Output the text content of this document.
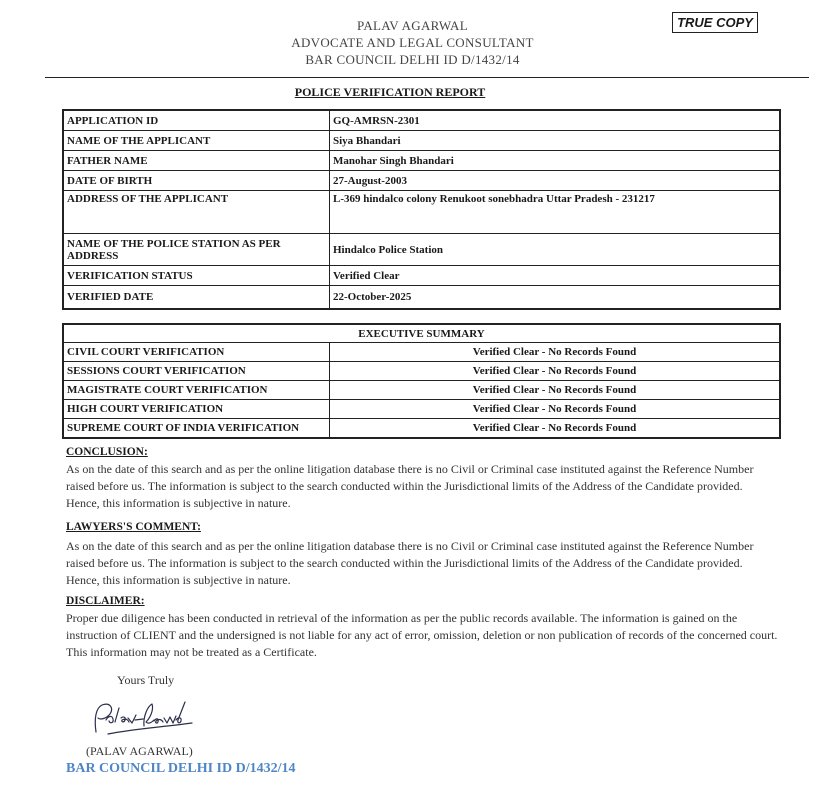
TRUE COPY
PALAV AGARWAL
ADVOCATE AND LEGAL CONSULTANT
BAR COUNCIL DELHI ID D/1432/14
POLICE VERIFICATION REPORT
APPLICATION ID	GQ-AMRSN-2301
NAME OF THE APPLICANT	Siya Bhandari
FATHER NAME	Manohar Singh Bhandari
DATE OF BIRTH	27-August-2003
ADDRESS OF THE APPLICANT	L-369 hindalco colony Renukoot sonebhadra Uttar Pradesh - 231217
NAME OF THE POLICE STATION AS PER ADDRESS	Hindalco Police Station
VERIFICATION STATUS	Verified Clear
VERIFIED DATE	22-October-2025
EXECUTIVE SUMMARY	
CIVIL COURT VERIFICATION	Verified Clear - No Records Found
SESSIONS COURT VERIFICATION	Verified Clear - No Records Found
MAGISTRATE COURT VERIFICATION	Verified Clear - No Records Found
HIGH COURT VERIFICATION	Verified Clear - No Records Found
SUPREME COURT OF INDIA VERIFICATION	Verified Clear - No Records Found
CONCLUSION:
As on the date of this search and as per the online litigation database there is no Civil or Criminal case instituted against the Reference Number raised before us. The information is subject to the search conducted within the Jurisdictional limits of the Address of the Candidate provided. Hence, this information is subjective in nature.
LAWYERS'S COMMENT:
As on the date of this search and as per the online litigation database there is no Civil or Criminal case instituted against the Reference Number raised before us. The information is subject to the search conducted within the Jurisdictional limits of the Address of the Candidate provided. Hence, this information is subjective in nature.
DISCLAIMER:
Proper due diligence has been conducted in retrieval of the information as per the public records available. The information is gained on the instruction of CLIENT and the undersigned is not liable for any act of error, omission, deletion or non publication of records of the concerned court. This information may not be treated as a Certificate.
Yours Truly
(PALAV AGARWAL)
BAR COUNCIL DELHI ID D/1432/14
